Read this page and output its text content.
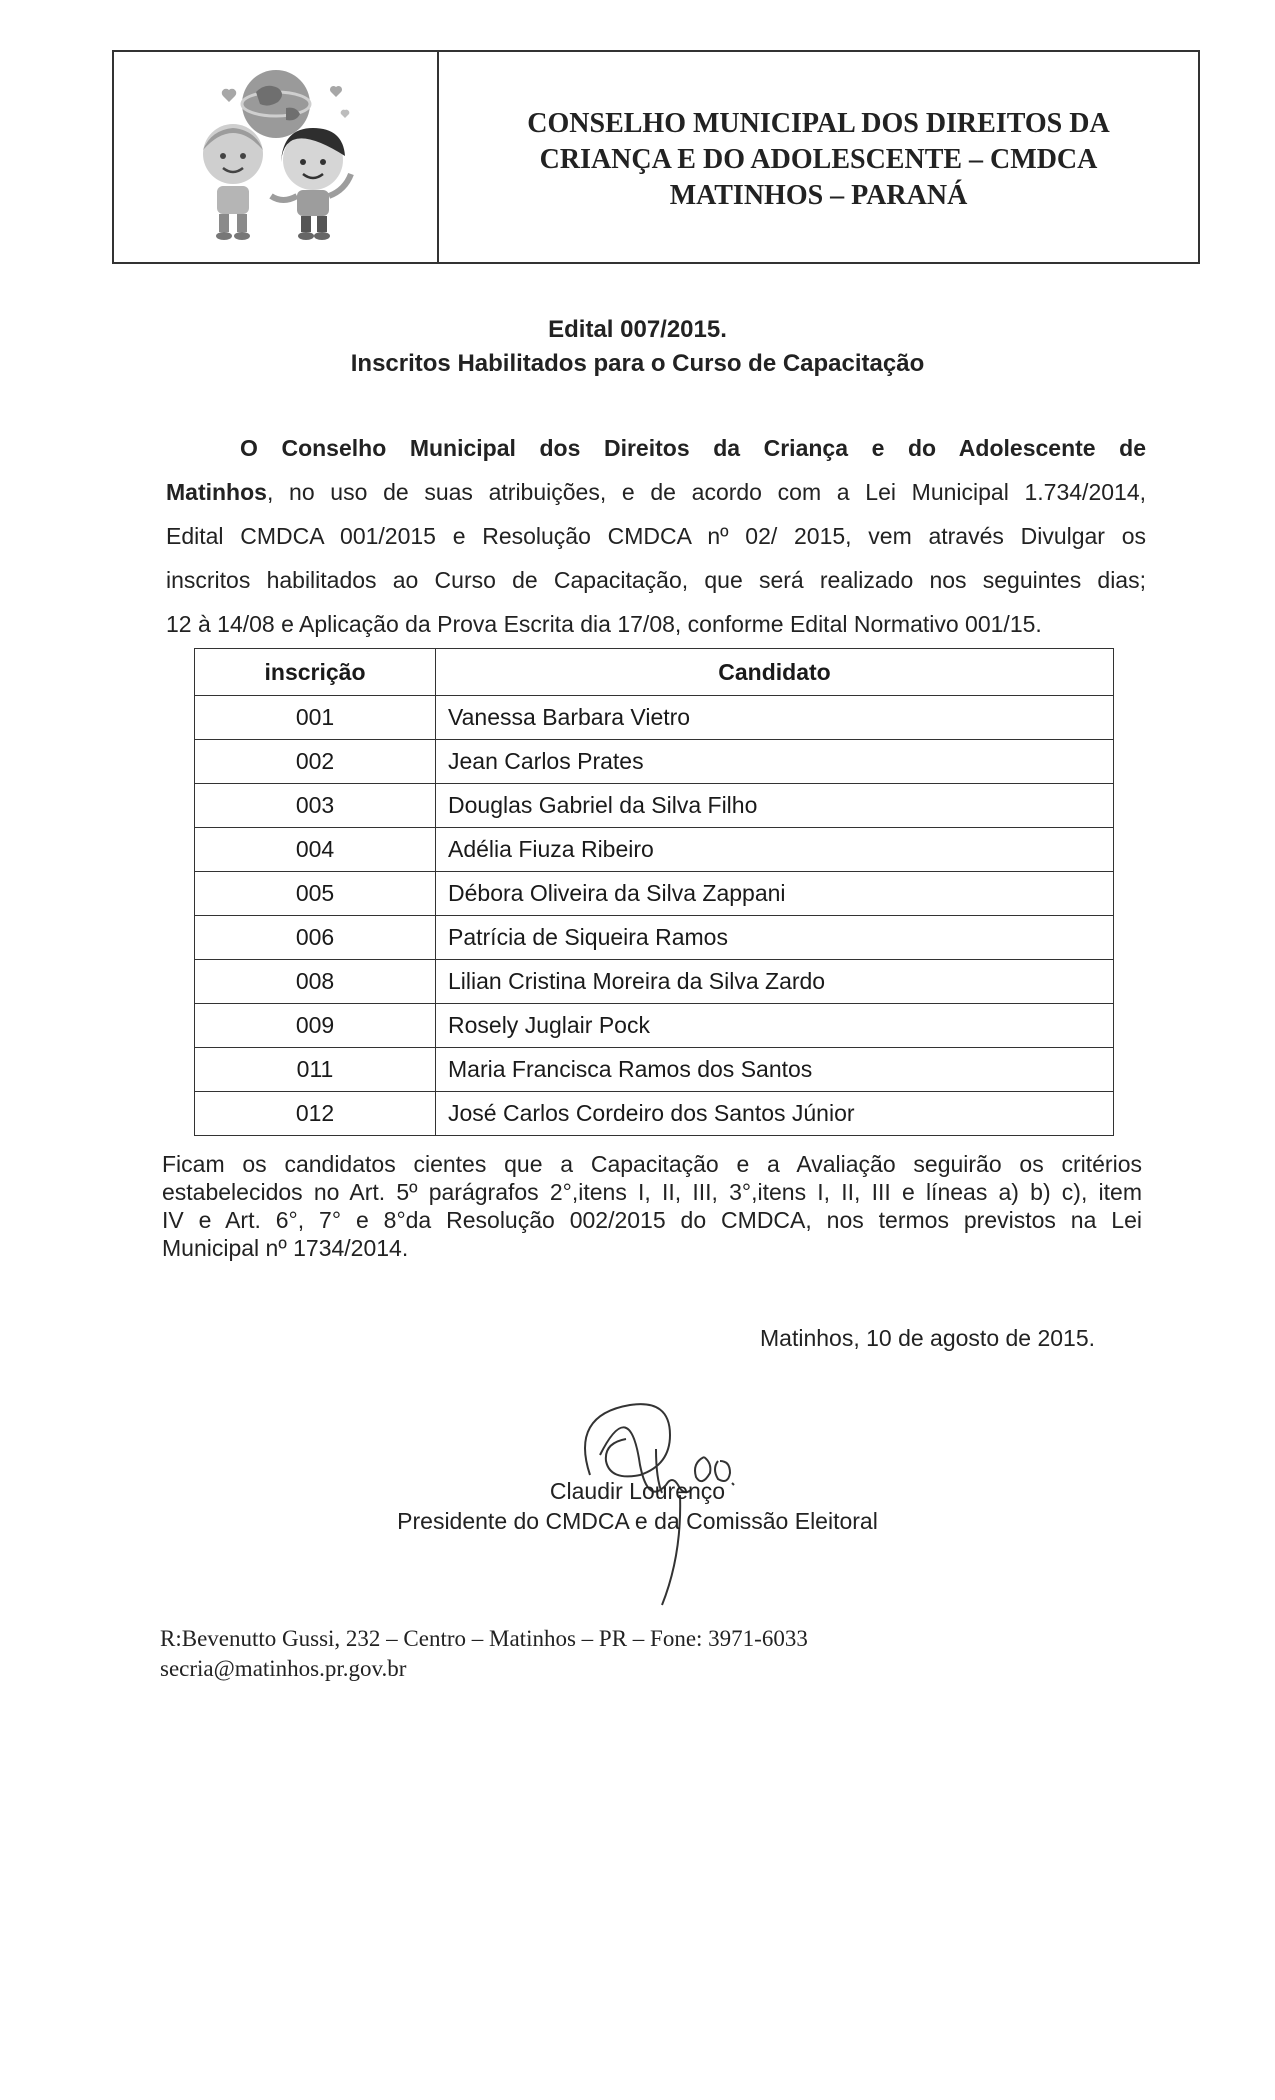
CONSELHO MUNICIPAL DOS DIREITOS DA
CRIANÇA E DO ADOLESCENTE – CMDCA
MATINHOS – PARANÁ
Edital 007/2015.
Inscritos Habilitados para o Curso de Capacitação
O Conselho Municipal dos Direitos da Criança e do Adolescente de
Matinhos, no uso de suas atribuições, e de acordo com a Lei Municipal 1.734/2014,
Edital CMDCA 001/2015 e Resolução CMDCA nº 02/ 2015, vem através Divulgar os
inscritos habilitados ao Curso de Capacitação, que será realizado nos seguintes dias;
12 à 14/08 e Aplicação da Prova Escrita dia 17/08, conforme Edital Normativo 001/15.
inscrição	Candidato
001	Vanessa Barbara Vietro
002	Jean Carlos Prates
003	Douglas Gabriel da Silva Filho
004	Adélia Fiuza Ribeiro
005	Débora Oliveira da Silva Zappani
006	Patrícia de Siqueira Ramos
008	Lilian Cristina Moreira da Silva Zardo
009	Rosely Juglair Pock
011	Maria Francisca Ramos dos Santos
012	José Carlos Cordeiro dos Santos Júnior
Ficam os candidatos cientes que a Capacitação e a Avaliação seguirão os critérios
estabelecidos no Art. 5º parágrafos 2°,itens I, II, III, 3°,itens I, II, III e líneas a) b) c), item
IV e Art. 6°, 7° e 8°da Resolução 002/2015 do CMDCA, nos termos previstos na Lei
Municipal nº 1734/2014.
Matinhos, 10 de agosto de 2015.
Claudir Lourenço
Presidente do CMDCA e da Comissão Eleitoral
R:Bevenutto Gussi, 232 – Centro – Matinhos – PR – Fone: 3971-6033
secria@matinhos.pr.gov.br
